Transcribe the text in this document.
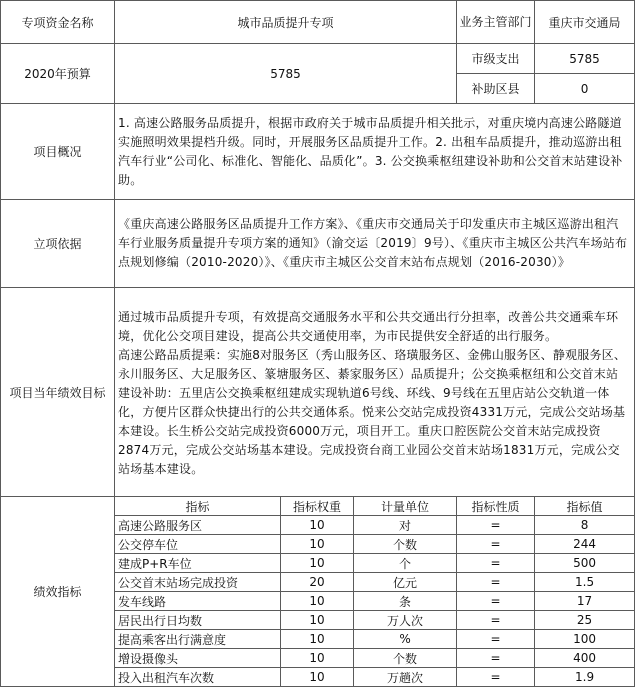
专项资金名称	城市品质提升专项			业务主管部门	重庆市交通局
2020年预算	5785			市级支出	5785
				补助区县	0
项目概况	1. 高速公路服务品质提升，根据市政府关于城市品质提升相关批示，对重庆境内高速公路隧道实施照明效果提档升级。同时，开展服务区品质提升工作。2. 出租车品质提升，推动巡游出租汽车行业“公司化、标准化、智能化、品质化”。3. 公交换乘枢纽建设补助和公交首末站建设补助。				
立项依据	《重庆高速公路服务区品质提升工作方案》、《重庆市交通局关于印发重庆市主城区巡游出租汽车行业服务质量提升专项方案的通知》（渝交运〔2019〕9号）、《重庆市主城区公共汽车场站布点规划修编（2010-2020）》、《重庆市主城区公交首末站布点规划（2016-2030）》				
项目当年绩效目标	通过城市品质提升专项，有效提高交通服务水平和公共交通出行分担率，改善公共交通乘车环境，优化公交项目建设，提高公共交通使用率，为市民提供安全舒适的出行服务。
高速公路品质提乘：实施8对服务区（秀山服务区、珞璜服务区、金佛山服务区、静观服务区、永川服务区、大足服务区、篆塘服务区、綦家服务区）品质提升；公交换乘枢纽和公交首末站建设补助：五里店公交换乘枢纽建成实现轨道6号线、环线、9号线在五里店站公交轨道一体化，方便片区群众快捷出行的公共交通体系。悦来公交站完成投资4331万元，完成公交站场基本建设。长生桥公交站完成投资6000万元，项目开工。重庆口腔医院公交首末站完成投资2874万元，完成公交站场基本建设。完成投资台商工业园公交首末站场1831万元，完成公交站场基本建设。				

绩效指标	指标	指标权重	计量单位	指标性质	指标值
	高速公路服务区	10	对	=	8
	公交停车位	10	个数	=	244
	建成P+R车位	10	个	=	500
	公交首末站场完成投资	20	亿元	=	1.5
	发车线路	10	条	=	17
	居民出行日均数	10	万人次	=	25
	提高乘客出行满意度	10	%	=	100
	增设摄像头	10	个数	=	400
	投入出租汽车次数	10	万趟次	=	1.9
